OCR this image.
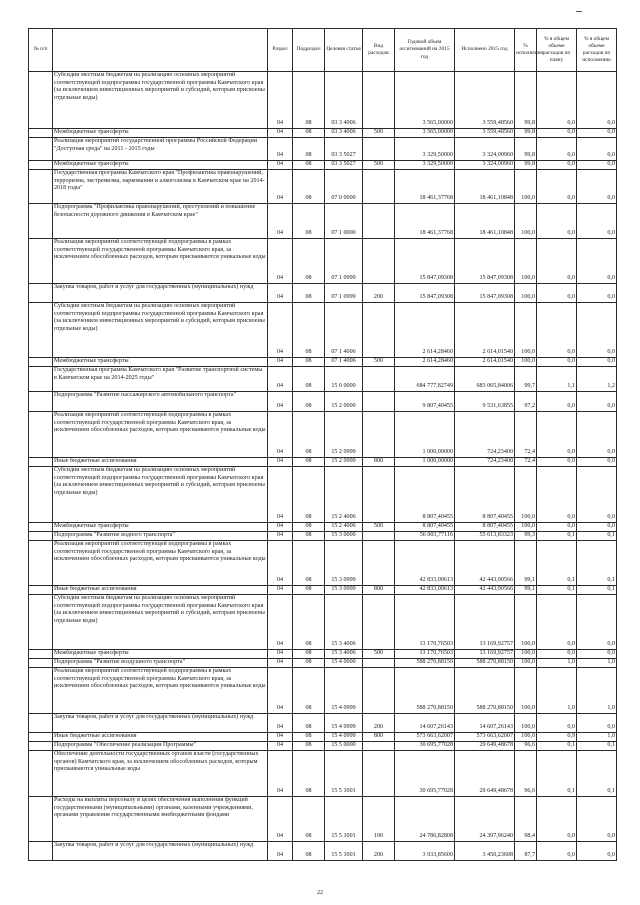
№ п/п		Раздел	Подраздел	Целевая статья	Вид расходов	Годовой объем ассигнований на 2015 год	Исполнено 2015 год	% исполнения	% в общем объеме расходов по плану	% в общем объеме расходов по исполнению
	Субсидии местным бюджетам на реализацию основных мероприятий соответствующей подпрограммы государственной программы Камчатского края (за исключением инвестиционных мероприятий и субсидий, которым присвоены отдельные коды)	04	08	03 3 4006		3 565,00000	3 559,48560	99,8	0,0	0,0
	Межбюджетные трансферты	04	08	03 3 4006	500	3 565,00000	3 559,48560	99,8	0,0	0,0
	Реализация мероприятий государственной программы Российской Федерации "Доступная среда" на 2011 - 2015 годы	04	08	03 3 5027		3 329,50000	3 324,00960	99,8	0,0	0,0
	Межбюджетные трансферты	04	08	03 3 5027	500	3 329,50000	3 324,00960	99,8	0,0	0,0
	Государственная программа Камчатского края "Профилактика правонарушений, терроризма, экстремизма, наркомании и алкоголизма в Камчатском крае на 2014-2018 годы"	04	08	07 0 0000		18 461,37768	18 461,10848	100,0	0,0	0,0
	Подпрограмма "Профилактика правонарушений, преступлений и повышение безопасности дорожного движения в Камчатском крае"	04	08	07 1 0000		18 461,37768	18 461,10848	100,0	0,0	0,0
	Реализация мероприятий соответствующей подпрограммы в рамках соответствующей государственной программы Камчатского края, за исключением обособленных расходов, которым присваиваются уникальные коды	04	08	07 1 0999		15 847,09308	15 847,09308	100,0	0,0	0,0
	Закупка товаров, работ и услуг для государственных (муниципальных) нужд	04	08	07 1 0999	200	15 847,09308	15 847,09308	100,0	0,0	0,0
	Субсидии местным бюджетам на реализацию основных мероприятий соответствующей подпрограммы государственной программы Камчатского края (за исключением инвестиционных мероприятий и субсидий, которым присвоены отдельные коды)	04	08	07 1 4006		2 614,28460	2 614,01540	100,0	0,0	0,0
	Межбюджетные трансферты	04	08	07 1 4006	500	2 614,28460	2 614,01540	100,0	0,0	0,0
	Государственная программа Камчатского края "Развитие транспортной системы в Камчатском крае на 2014-2025 годы"	04	08	15 0 0000		684 777,82749	683 065,84006	99,7	1,1	1,2
	Подпрограмма "Развитие пассажирского автомобильного транспорта"	04	08	15 2 0000		9 807,40455	9 531,63855	97,2	0,0	0,0
	Реализация мероприятий соответствующей подпрограммы в рамках соответствующей государственной программы Камчатского края, за исключением обособленных расходов, которым присваиваются уникальные коды	04	08	15 2 0999		1 000,00000	724,23400	72,4	0,0	0,0
	Иные бюджетные ассигнования	04	08	15 2 0999	800	1 000,00000	724,23400	72,4	0,0	0,0
	Субсидии местным бюджетам на реализацию основных мероприятий соответствующей подпрограммы государственной программы Камчатского края (за исключением инвестиционных мероприятий и субсидий, которым присвоены отдельные коды)	04	08	15 2 4006		8 807,40455	8 807,40455	100,0	0,0	0,0
	Межбюджетные трансферты	04	08	15 2 4006	500	8 807,40455	8 807,40455	100,0	0,0	0,0
	Подпрограмма "Развитие водного транспорта"	04	08	15 3 0000		56 003,77116	55 613,83323	99,3	0,1	0,1
	Реализация мероприятий соответствующей подпрограммы в рамках соответствующей государственной программы Камчатского края, за исключением обособленных расходов, которым присваиваются уникальные коды	04	08	15 3 0999		42 833,00613	42 443,90566	99,1	0,1	0,1
	Иные бюджетные ассигнования	04	08	15 3 0999	800	42 833,00613	42 443,90566	99,1	0,1	0,1
	Субсидии местным бюджетам на реализацию основных мероприятий соответствующей подпрограммы государственной программы Камчатского края (за исключением инвестиционных мероприятий и субсидий, которым присвоены отдельные коды)	04	08	15 3 4006		13 170,76503	13 169,92757	100,0	0,0	0,0
	Межбюджетные трансферты	04	08	15 3 4006	500	13 170,76503	13 169,92757	100,0	0,0	0,0
	Подпрограмма "Развитие воздушного транспорта"	04	08	15 4 0000		588 270,88150	588 270,88150	100,0	1,0	1,0
	Реализация мероприятий соответствующей подпрограммы в рамках соответствующей государственной программы Камчатского края, за исключением обособленных расходов, которым присваиваются уникальные коды	04	08	15 4 0999		588 270,88150	588 270,88150	100,0	1,0	1,0
	Закупка товаров, работ и услуг для государственных (муниципальных) нужд	04	08	15 4 0999	200	14 607,26143	14 607,26143	100,0	0,0	0,0
	Иные бюджетные ассигнования	04	08	15 4 0999	800	573 663,62007	573 663,62007	100,0	0,9	1,0
	Подпрограмма "Обеспечение реализации Программы"	04	08	15 5 0000		30 695,77028	29 649,48678	96,6	0,1	0,1
	Обеспечение деятельности государственных органов власти (государственных органов) Камчатского края, за исключением обособленных расходов, которым присваиваются уникальные коды	04	08	15 5 1001		30 695,77028	29 649,48678	96,6	0,1	0,1
	Расходы на выплаты персоналу в целях обеспечения выполнения функций государственными (муниципальными) органами, казенными учреждениями, органами управления государственными внебюджетными фондами	04	08	15 5 1001	100	24 786,82808	24 397,96240	98,4	0,0	0,0
	Закупка товаров, работ и услуг для государственных (муниципальных) нужд	04	08	15 5 1001	200	3 933,85600	3 450,23608	87,7	0,0	0,0
22
